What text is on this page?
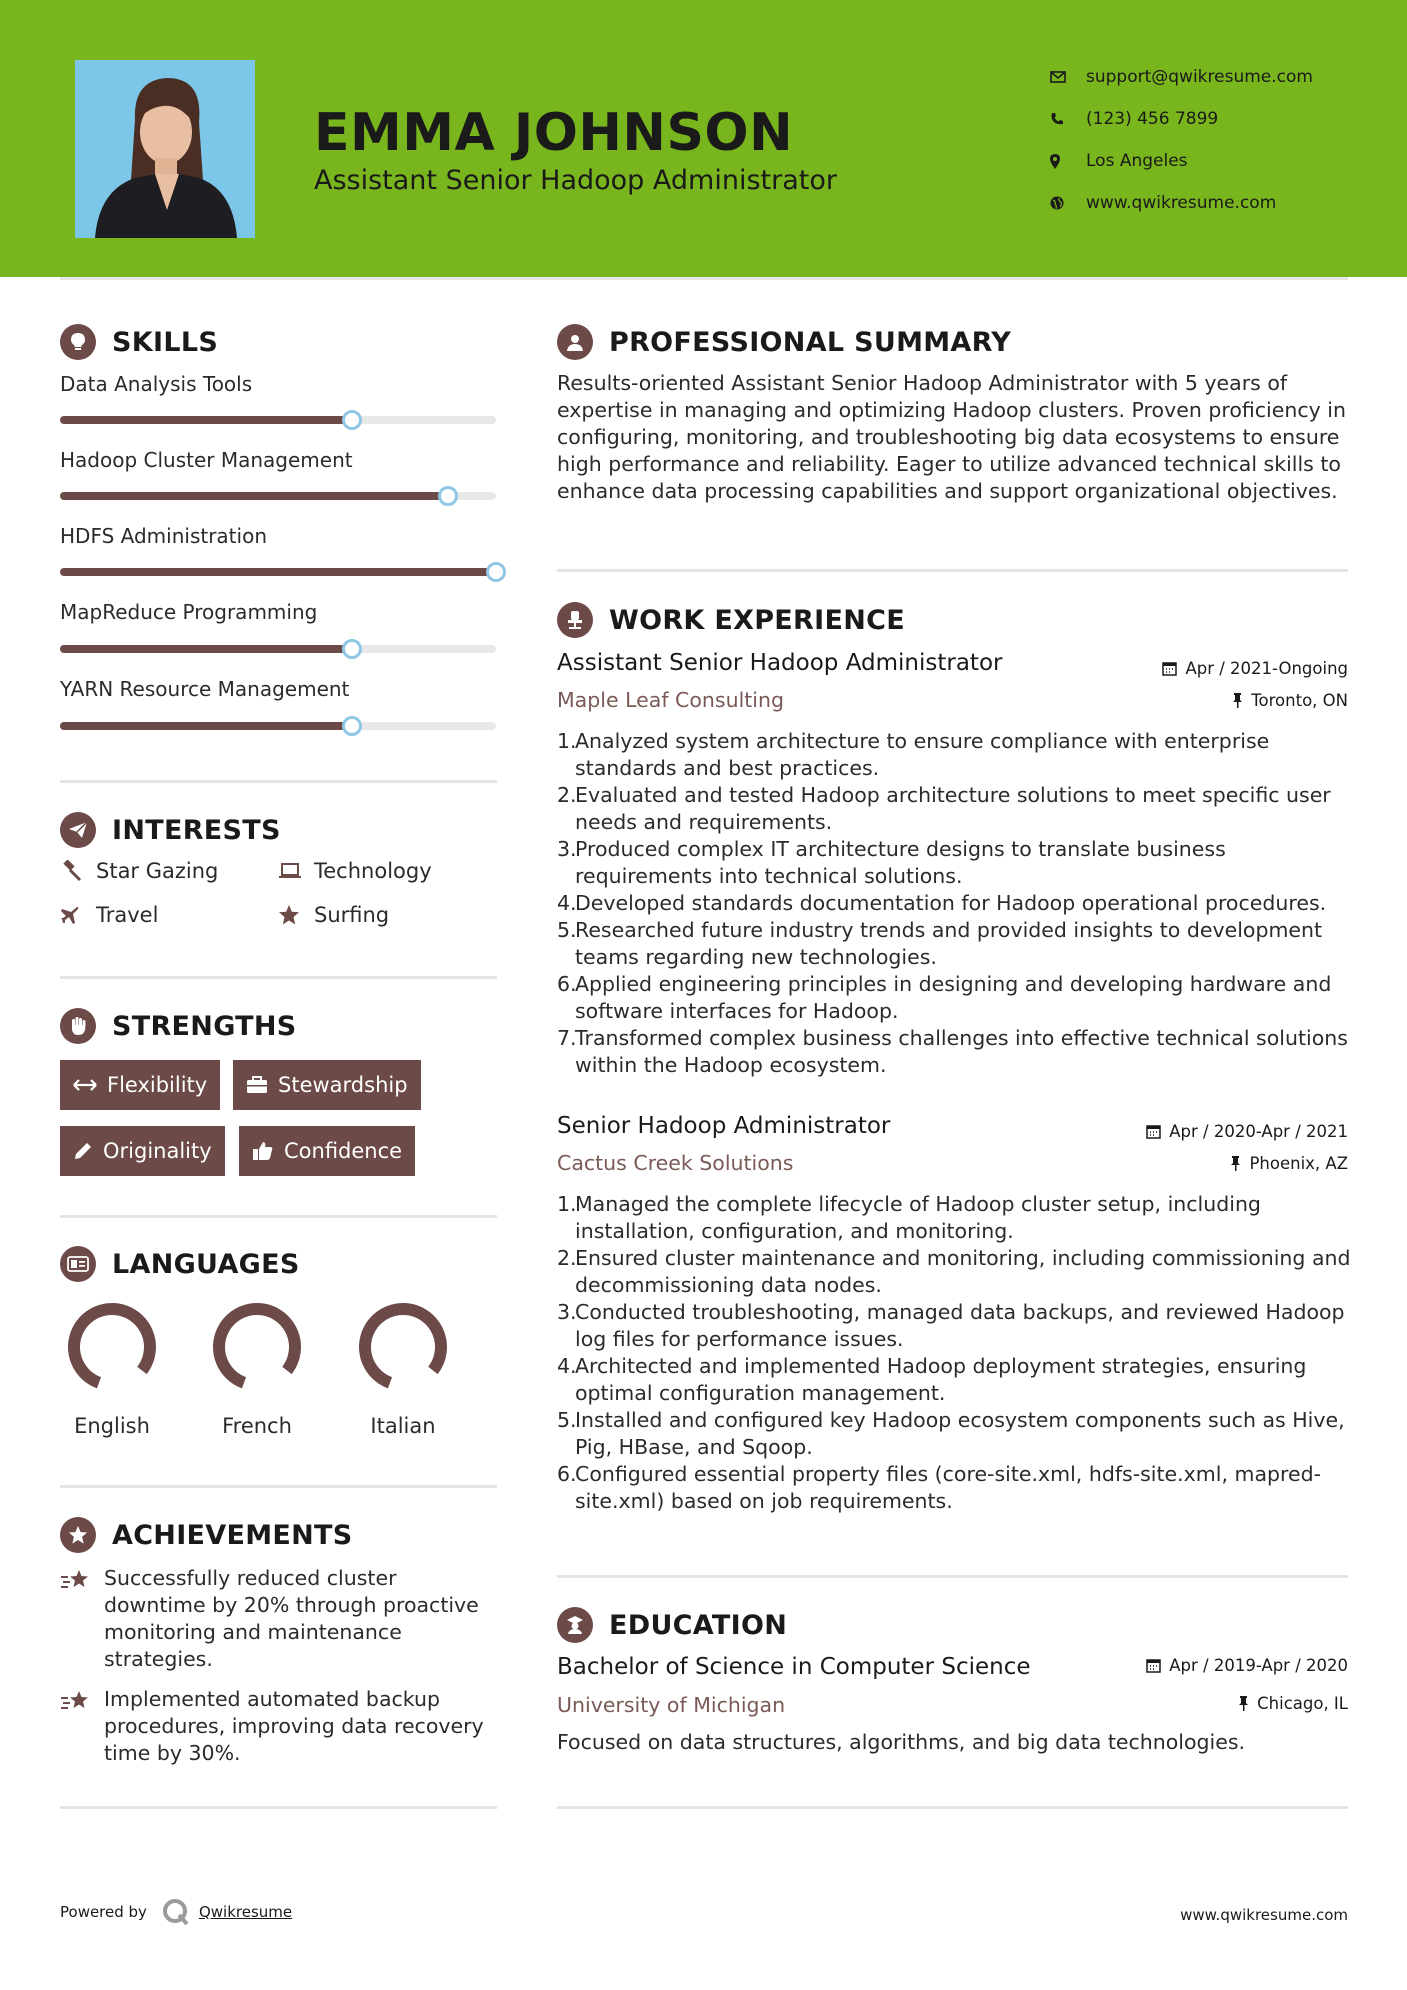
EMMA JOHNSON
Assistant Senior Hadoop Administrator
support@qwikresume.com
(123) 456 7899
Los Angeles
www.qwikresume.com
SKILLS
Data Analysis Tools
Hadoop Cluster Management
HDFS Administration
MapReduce Programming
YARN Resource Management
INTERESTS
Star Gazing	Technology
Travel	Surfing
STRENGTHS
Flexibility	Stewardship
Originality	Confidence
LANGUAGES
English	French	Italian
ACHIEVEMENTS
Successfully reduced cluster downtime by 20% through proactive monitoring and maintenance strategies.
Implemented automated backup procedures, improving data recovery time by 30%.
PROFESSIONAL SUMMARY
Results-oriented Assistant Senior Hadoop Administrator with 5 years of expertise in managing and optimizing Hadoop clusters. Proven proficiency in configuring, monitoring, and troubleshooting big data ecosystems to ensure high performance and reliability. Eager to utilize advanced technical skills to enhance data processing capabilities and support organizational objectives.
WORK EXPERIENCE
Assistant Senior Hadoop Administrator	Apr / 2021-Ongoing
Maple Leaf Consulting	Toronto, ON
1.
Analyzed system architecture to ensure compliance with enterprise standards and best practices.
2.
Evaluated and tested Hadoop architecture solutions to meet specific user needs and requirements.
3.
Produced complex IT architecture designs to translate business requirements into technical solutions.
4.
Developed standards documentation for Hadoop operational procedures.
5.
Researched future industry trends and provided insights to development teams regarding new technologies.
6.
Applied engineering principles in designing and developing hardware and software interfaces for Hadoop.
7.
Transformed complex business challenges into effective technical solutions within the Hadoop ecosystem.
Senior Hadoop Administrator	Apr / 2020-Apr / 2021
Cactus Creek Solutions	Phoenix, AZ
1.
Managed the complete lifecycle of Hadoop cluster setup, including installation, configuration, and monitoring.
2.
Ensured cluster maintenance and monitoring, including commissioning and decommissioning data nodes.
3.
Conducted troubleshooting, managed data backups, and reviewed Hadoop log files for performance issues.
4.
Architected and implemented Hadoop deployment strategies, ensuring optimal configuration management.
5.
Installed and configured key Hadoop ecosystem components such as Hive, Pig, HBase, and Sqoop.
6.
Configured essential property files (core-site.xml, hdfs-site.xml, mapred-site.xml) based on job requirements.
EDUCATION
Bachelor of Science in Computer Science	Apr / 2019-Apr / 2020
University of Michigan	Chicago, IL
Focused on data structures, algorithms, and big data technologies.
Powered by	Qwikresume	www.qwikresume.com
